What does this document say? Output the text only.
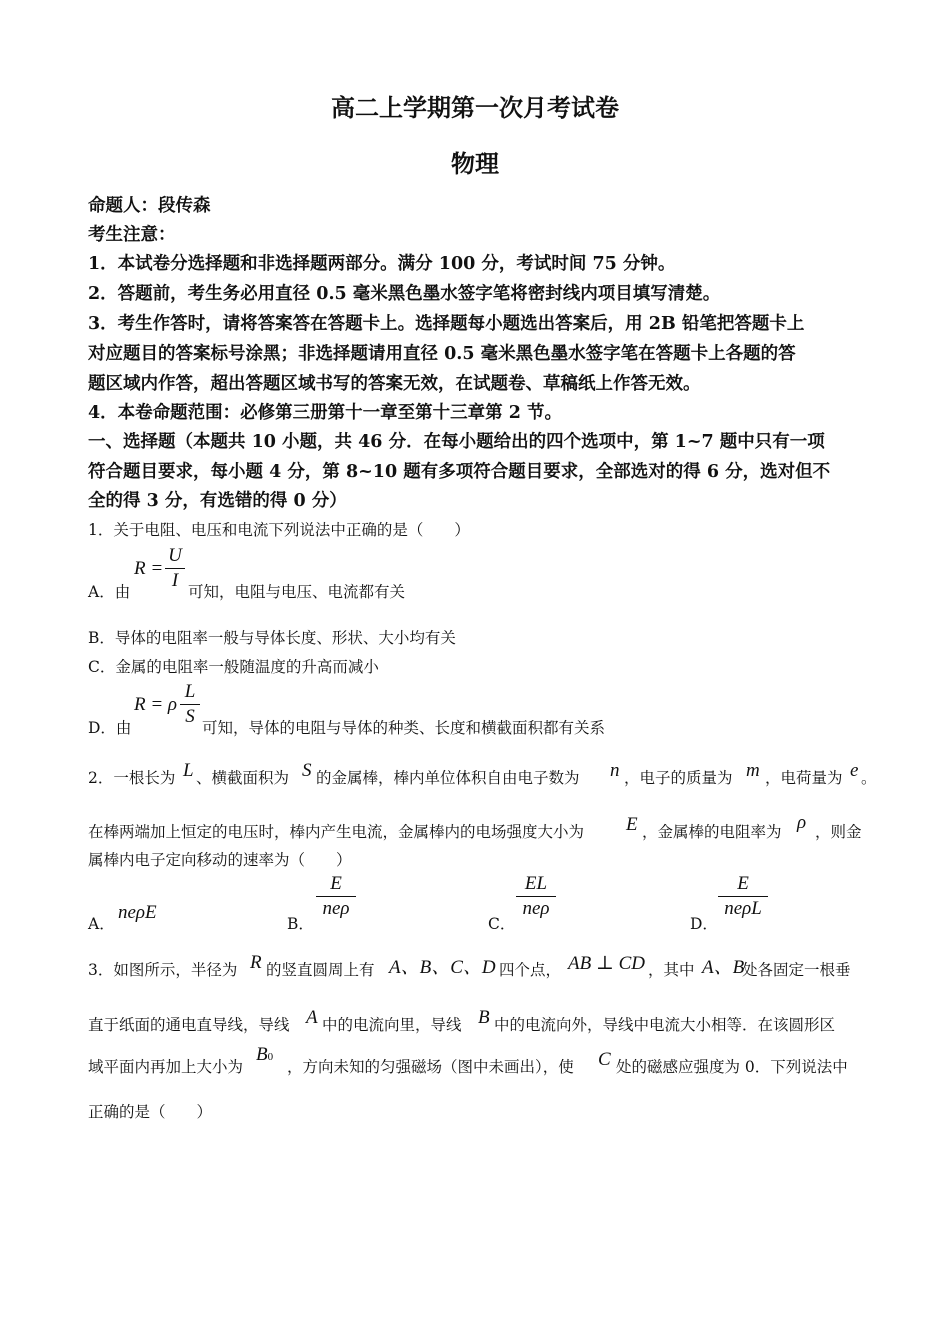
高二上学期第一次月考试卷
物理
命题人：段传森
考生注意：
1．本试卷分选择题和非选择题两部分。满分 100 分，考试时间 75 分钟。
2．答题前，考生务必用直径 0.5 毫米黑色墨水签字笔将密封线内项目填写清楚。
3．考生作答时，请将答案答在答题卡上。选择题每小题选出答案后，用 2B 铅笔把答题卡上
对应题目的答案标号涂黑；非选择题请用直径 0.5 毫米黑色墨水签字笔在答题卡上各题的答
题区域内作答，超出答题区域书写的答案无效，在试题卷、草稿纸上作答无效。
4．本卷命题范围：必修第三册第十一章至第十三章第 2 节。
一、选择题（本题共 10 小题，共 46 分．在每小题给出的四个选项中，第 1~7 题中只有一项
符合题目要求，每小题 4 分，第 8~10 题有多项符合题目要求，全部选对的得 6 分，选对但不
全的得 3 分，有选错的得 0 分）
1．关于电阻、电压和电流下列说法中正确的是（　　）
A．由
R =
U
I
可知，电阻与电压、电流都有关
B．导体的电阻率一般与导体长度、形状、大小均有关
C．金属的电阻率一般随温度的升高而减小
D．由
R = ρ
L
S
可知，导体的电阻与导体的种类、长度和横截面积都有关系
2．一根长为 L 、横截面积为 S 的金属棒，棒内单位体积自由电子数为 n ，电子的质量为 m ，电荷量为 e 。
在棒两端加上恒定的电压时，棒内产生电流，金属棒内的电场强度大小为 E ，金属棒的电阻率为 ρ ，则金
属棒内电子定向移动的速率为（　　）
A．
neρE
B．
E
neρ
C．
EL
neρ
D．
E
neρL
3．如图所示，半径为 R 的竖直圆周上有 A、B、C、D 四个点， AB ⊥ CD ，其中 A、B
处各固定一根垂
直于纸面的通电直导线，导线 A 中的电流向里，导线 B 中的电流向外，导线中电流大小相等．在该圆形区
域平面内再加上大小为
B0
，方向未知的匀强磁场（图中未画出），使 C 处的磁感应强度为 0．下列说法中
正确的是（　　）
